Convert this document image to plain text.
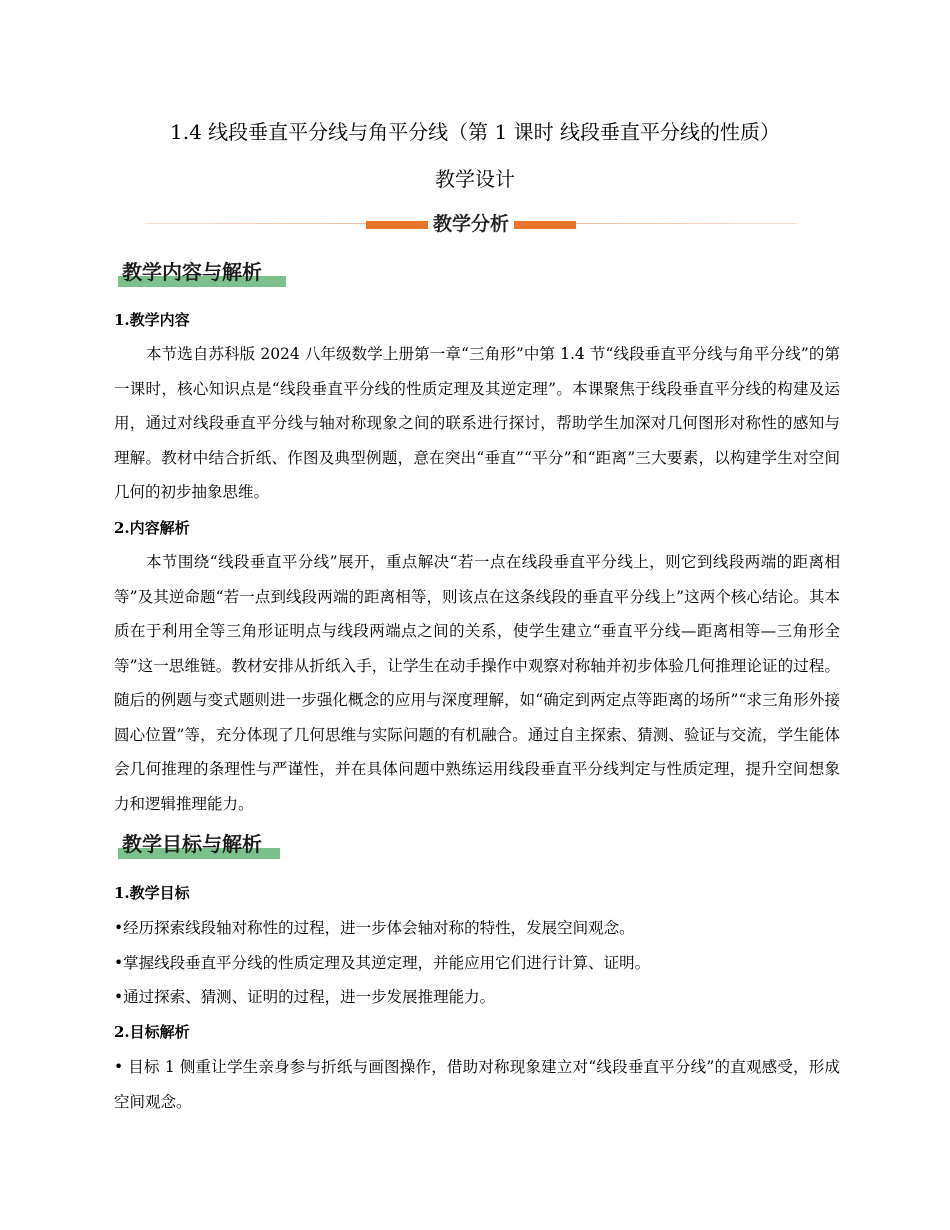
1.4 线段垂直平分线与角平分线（第 1 课时 线段垂直平分线的性质）
教学设计
教学分析
教学内容与解析
1.教学内容
本节选自苏科版 2024 八年级数学上册第一章“三角形”中第 1.4 节“线段垂直平分线与角平分线”的第一课时，核心知识点是“线段垂直平分线的性质定理及其逆定理”。本课聚焦于线段垂直平分线的构建及运用，通过对线段垂直平分线与轴对称现象之间的联系进行探讨，帮助学生加深对几何图形对称性的感知与理解。教材中结合折纸、作图及典型例题，意在突出“垂直”“平分”和“距离”三大要素，以构建学生对空间几何的初步抽象思维。
2.内容解析
本节围绕“线段垂直平分线”展开，重点解决“若一点在线段垂直平分线上，则它到线段两端的距离相等”及其逆命题“若一点到线段两端的距离相等，则该点在这条线段的垂直平分线上”这两个核心结论。其本质在于利用全等三角形证明点与线段两端点之间的关系，使学生建立“垂直平分线—距离相等—三角形全等”这一思维链。教材安排从折纸入手，让学生在动手操作中观察对称轴并初步体验几何推理论证的过程。随后的例题与变式题则进一步强化概念的应用与深度理解，如“确定到两定点等距离的场所”“求三角形外接圆心位置”等，充分体现了几何思维与实际问题的有机融合。通过自主探索、猜测、验证与交流，学生能体会几何推理的条理性与严谨性，并在具体问题中熟练运用线段垂直平分线判定与性质定理，提升空间想象力和逻辑推理能力。
教学目标与解析
1.教学目标
•经历探索线段轴对称性的过程，进一步体会轴对称的特性，发展空间观念。
•掌握线段垂直平分线的性质定理及其逆定理，并能应用它们进行计算、证明。
•通过探索、猜测、证明的过程，进一步发展推理能力。
2.目标解析
• 目标 1 侧重让学生亲身参与折纸与画图操作，借助对称现象建立对“线段垂直平分线”的直观感受，形成空间观念。
